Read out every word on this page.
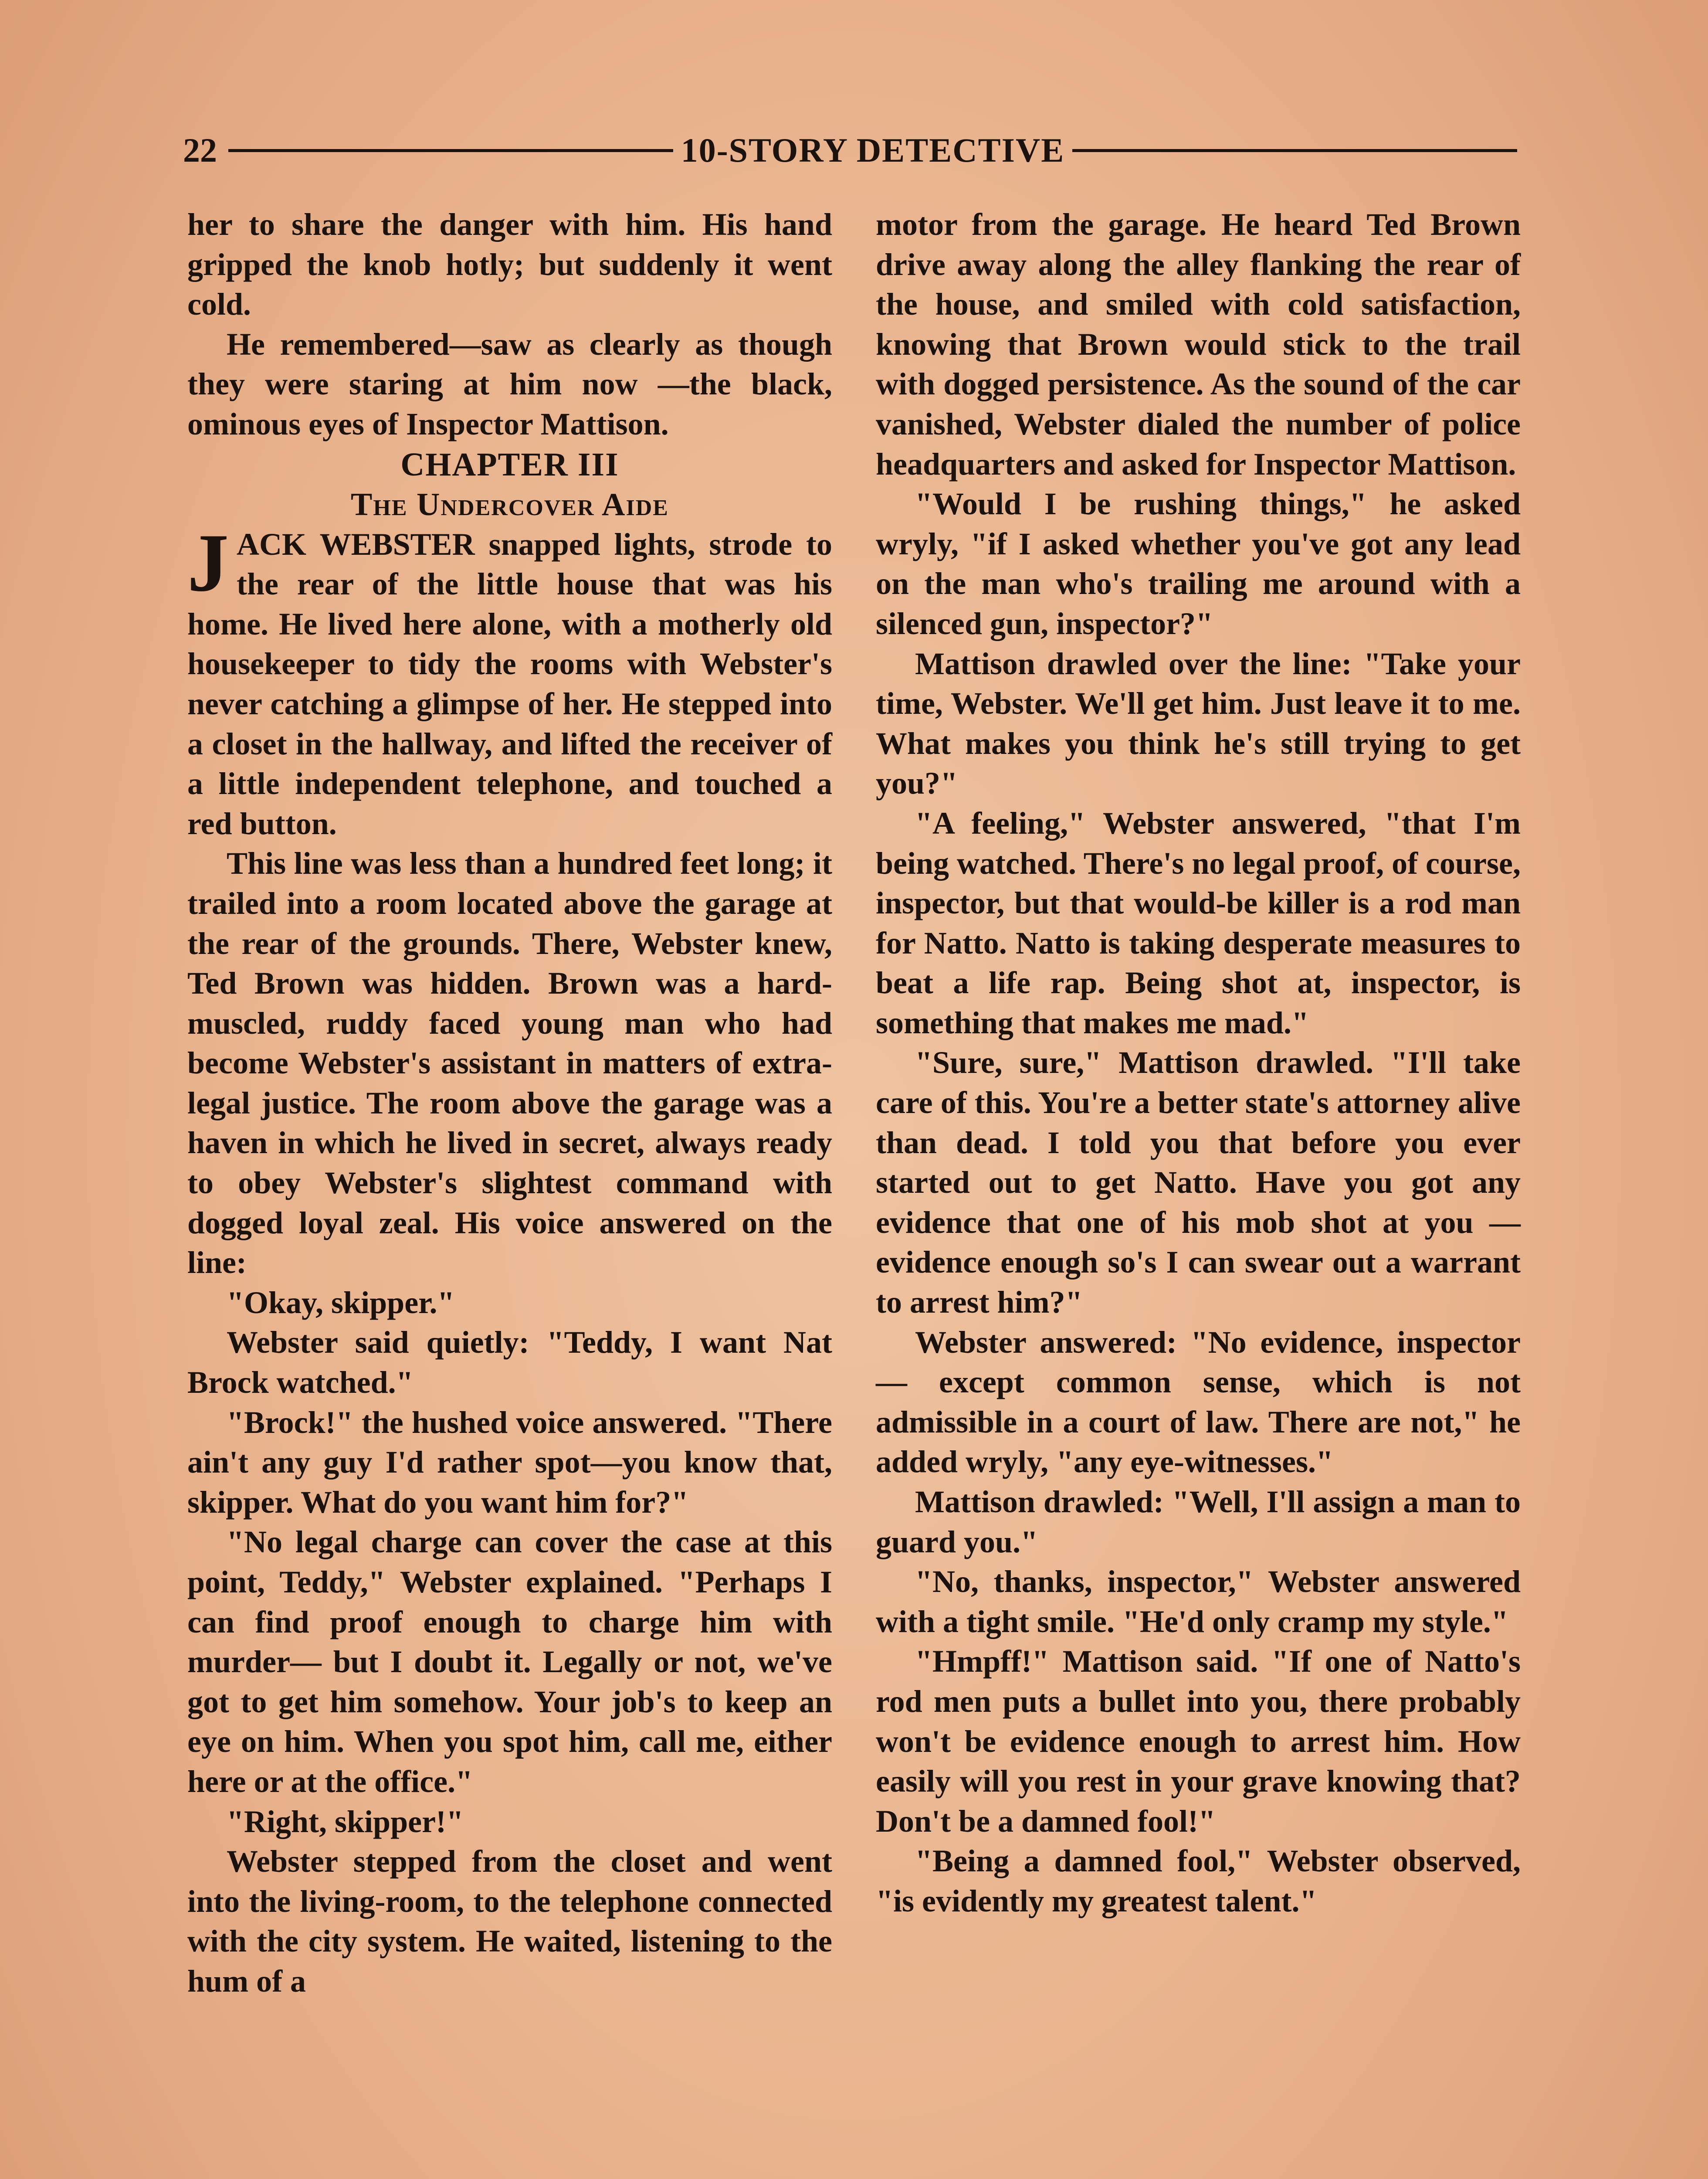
22	10-STORY DETECTIVE

her to share the danger with him. His hand gripped the knob hotly; but suddenly it went cold.

He remembered—saw as clearly as though they were staring at him now —the black, ominous eyes of Inspector Mattison.

CHAPTER III

The Undercover Aide

JACK WEBSTER snapped lights, strode to the rear of the little house that was his home. He lived here alone, with a motherly old housekeeper to tidy the rooms with Webster's never catching a glimpse of her. He stepped into a closet in the hallway, and lifted the receiver of a little independent telephone, and touched a red button.

This line was less than a hundred feet long; it trailed into a room located above the garage at the rear of the grounds. There, Webster knew, Ted Brown was hidden. Brown was a hard-muscled, ruddy faced young man who had become Webster's assistant in matters of extra-legal justice. The room above the garage was a haven in which he lived in secret, always ready to obey Webster's slightest command with dogged loyal zeal. His voice answered on the line:

"Okay, skipper."

Webster said quietly: "Teddy, I want Nat Brock watched."

"Brock!" the hushed voice answered. "There ain't any guy I'd rather spot—you know that, skipper. What do you want him for?"

"No legal charge can cover the case at this point, Teddy," Webster explained. "Perhaps I can find proof enough to charge him with murder— but I doubt it. Legally or not, we've got to get him somehow. Your job's to keep an eye on him. When you spot him, call me, either here or at the office."

"Right, skipper!"

Webster stepped from the closet and went into the living-room, to the telephone connected with the city system. He waited, listening to the hum of a

motor from the garage. He heard Ted Brown drive away along the alley flanking the rear of the house, and smiled with cold satisfaction, knowing that Brown would stick to the trail with dogged persistence. As the sound of the car vanished, Webster dialed the number of police headquarters and asked for Inspector Mattison.

"Would I be rushing things," he asked wryly, "if I asked whether you've got any lead on the man who's trailing me around with a silenced gun, inspector?"

Mattison drawled over the line: "Take your time, Webster. We'll get him. Just leave it to me. What makes you think he's still trying to get you?"

"A feeling," Webster answered, "that I'm being watched. There's no legal proof, of course, inspector, but that would-be killer is a rod man for Natto. Natto is taking desperate measures to beat a life rap. Being shot at, inspector, is something that makes me mad."

"Sure, sure," Mattison drawled. "I'll take care of this. You're a better state's attorney alive than dead. I told you that before you ever started out to get Natto. Have you got any evidence that one of his mob shot at you —evidence enough so's I can swear out a warrant to arrest him?"

Webster answered: "No evidence, inspector — except common sense, which is not admissible in a court of law. There are not," he added wryly, "any eye-witnesses."

Mattison drawled: "Well, I'll assign a man to guard you."

"No, thanks, inspector," Webster answered with a tight smile. "He'd only cramp my style."

"Hmpff!" Mattison said. "If one of Natto's rod men puts a bullet into you, there probably won't be evidence enough to arrest him. How easily will you rest in your grave knowing that? Don't be a damned fool!"

"Being a damned fool," Webster observed, "is evidently my greatest talent."
